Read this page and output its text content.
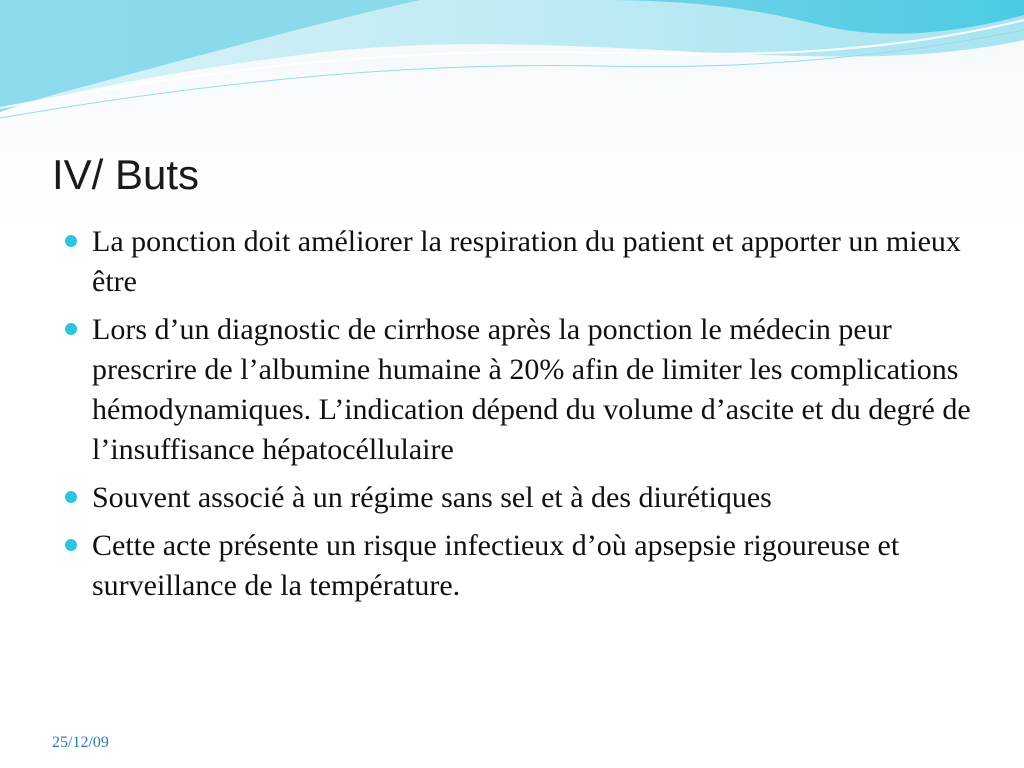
IV/ Buts
La ponction doit améliorer la respiration du patient et apporter un mieux être
Lors d’un diagnostic de cirrhose après la ponction le médecin peur prescrire de l’albumine humaine à 20% afin de limiter les complications hémodynamiques. L’indication dépend du volume d’ascite et du degré de l’insuffisance hépatocéllulaire
Souvent associé à un régime sans sel et à des diurétiques
Cette acte présente un risque infectieux d’où apsepsie rigoureuse et surveillance de la température.
25/12/09
